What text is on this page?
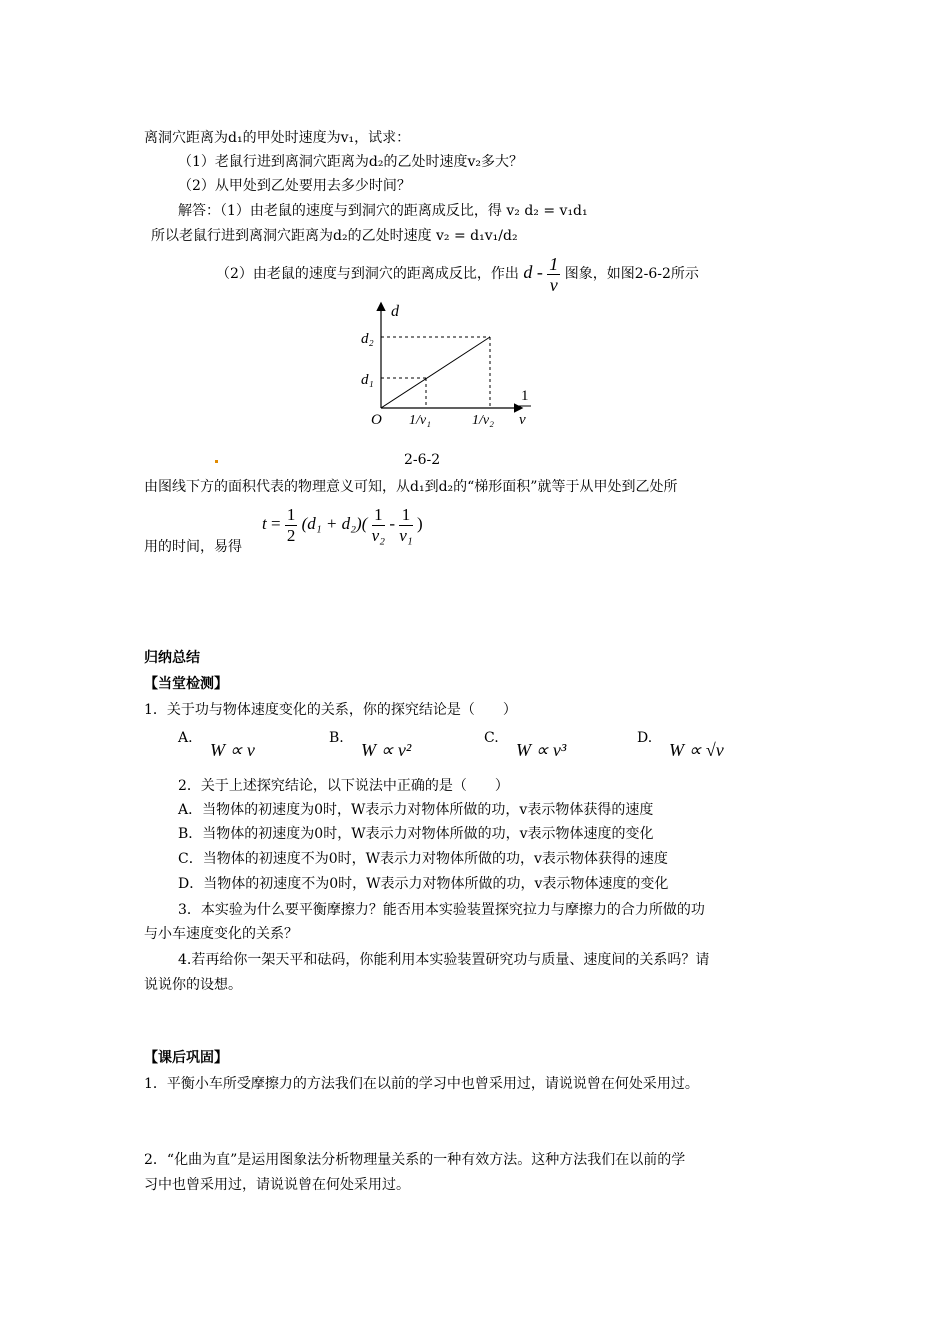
离洞穴距离为d₁的甲处时速度为v₁，试求：
（1）老鼠行进到离洞穴距离为d₂的乙处时速度v₂多大？
（2）从甲处到乙处要用去多少时间？
解答：（1）由老鼠的速度与到洞穴的距离成反比，得 v₂ d₂ = v₁d₁
所以老鼠行进到离洞穴距离为d₂的乙处时速度 v₂ = d₁v₁/d₂
（2）由老鼠的速度与到洞穴的距离成反比，作出 d - $\frac{1}{v}$ 图象，如图2-6-2所示
d
d₂
d₁
O 1/v₁	1/v₂
1
v
2-6-2
由图线下方的面积代表的物理意义可知，从d₁到d₂的“梯形面积”就等于从甲处到乙处所
$t = \frac{1}{2} (d_1 + d_2)( \frac{1}{\text{v₂}} - \frac{1}{\text{v₁}}$ )
用的时间，易得
归纳总结
【当堂检测】
1．关于功与物体速度变化的关系，你的探究结论是（　　）
A.
W ∝ v
B.
W ∝ v²
C.
W ∝ v³
D.
W ∝ √v
2．关于上述探究结论，以下说法中正确的是（　　）
A．当物体的初速度为0时，W表示力对物体所做的功，v表示物体获得的速度
B．当物体的初速度为0时，W表示力对物体所做的功，v表示物体速度的变化
C．当物体的初速度不为0时，W表示力对物体所做的功，v表示物体获得的速度
D．当物体的初速度不为0时，W表示力对物体所做的功，v表示物体速度的变化
3．本实验为什么要平衡摩擦力？能否用本实验装置探究拉力与摩擦力的合力所做的功
与小车速度变化的关系？
4.若再给你一架天平和砝码，你能利用本实验装置研究功与质量、速度间的关系吗？请
说说你的设想。
【课后巩固】
1．平衡小车所受摩擦力的方法我们在以前的学习中也曾采用过，请说说曾在何处采用过。
2．“化曲为直”是运用图象法分析物理量关系的一种有效方法。这种方法我们在以前的学
习中也曾采用过，请说说曾在何处采用过。
